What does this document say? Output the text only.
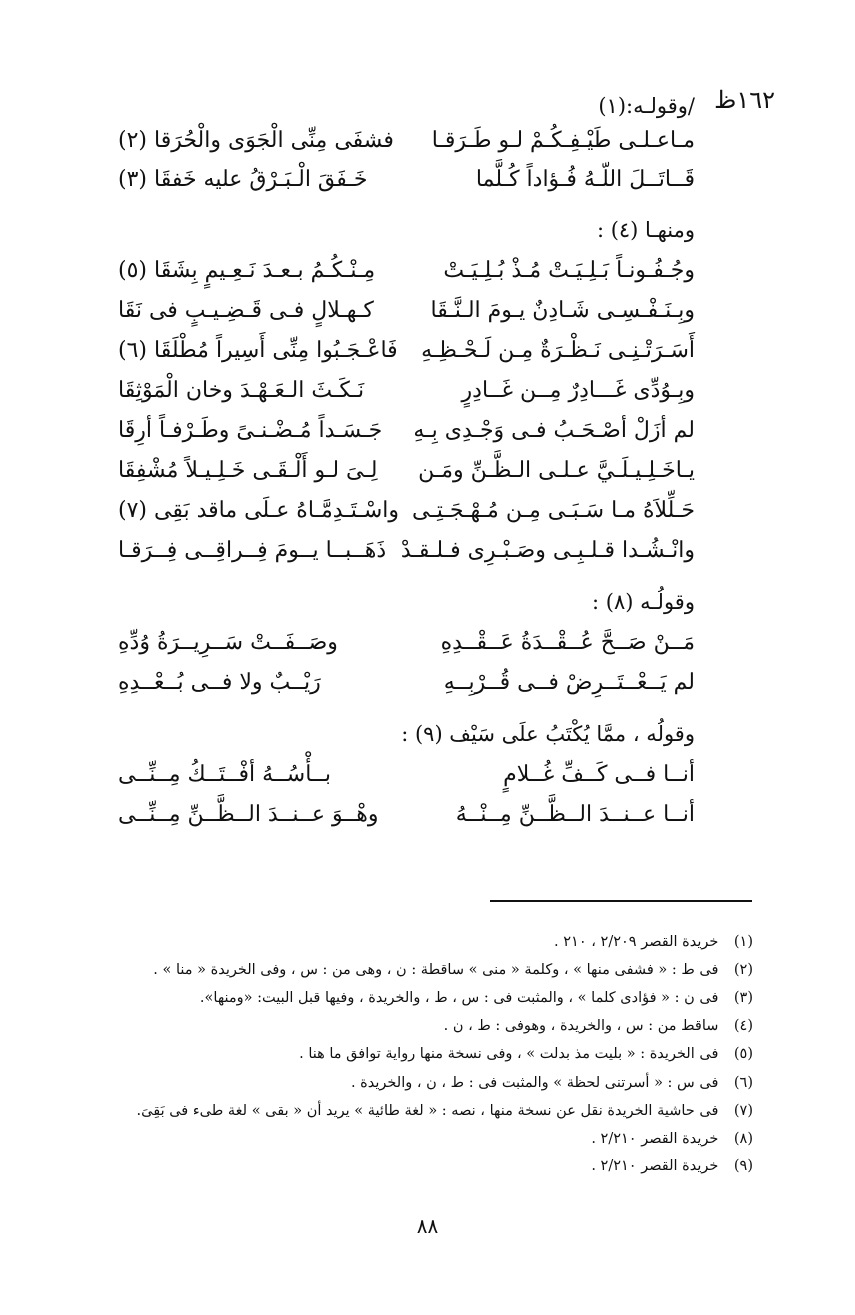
١٦٢ظ
/وقولـه:(١)
مـاعـلـى طَيْـفِـكُـمْ لـو طَـرَقـا
فشفَى مِنِّى الْجَوَى والْحُرَقا (٢)
قَــاتَــلَ اللّـهُ فُـؤاداً كُـلَّما
خَـفَقَ الْـبَـرْقُ عليه خَفقَا (٣)
ومنهـا (٤) :
وجُـفُـونـاً بَـلِـيَـتْ مُـذْ بُـلِـيَـتْ
مِـنْـكُـمُ بـعـدَ نَـعِـيمٍ بِشَقَا (٥)
وبِـنَـفْـسِـى شَـادِنٌ يـومَ الـنَّـقَا
كـهـلالٍ فـى قَـضِـيـبٍ فى نَقَا
أَسَـرَتْـنِـى نَـظْـرَةٌ مِـن لَـحْـظِـهِ
فَاعْـجَـبُوا مِنِّى أَسِيراً مُطْلَقَا (٦)
وبِـوُدِّى غَـــادِرٌ مِــن غَــادِرٍ
نَـكَـثَ الـعَـهْـدَ وخان الْمَوْثِقَا
لم أزَلْ أصْـحَـبُ فـى وَجْـدِى بِـهِ
جَـسَـداً مُـضْـنـىً وطَـرْفـاً أرِقَا
يـاخَـلِـيـلَـيَّ عـلـى الـظَّـنِّ ومَـن
لِـىَ لـو أَلْـقَـى خَـلِـيـلاً مُشْفِقَا
حَـلِّلاَهُ مـا سَـبَـى مِـن مُـهْـجَـتِـى
واسْـتَـدِمَّـاهُ عـلَى ماقد بَقِى (٧)
وانْـشُـدا قـلـبِـى وصَـبْـرِى فـلـقـدْ
ذَهَــبــا يــومَ فِــراقِــى فِــرَقـا
وقولُـه (٨) :
مَــنْ صَــحَّ عُــقْــدَةُ عَــقْــدِهِ
وصَــفَــتْ سَــرِيــرَةُ وُدِّهِ
لم يَــعْــتَــرِضْ فــى قُــرْبِــهِ
رَيْــبٌ ولا فــى بُــعْــدِهِ
وقولُه ، ممَّا يُكْتَبُ علَى سَيْف (٩) :
أنــا فــى كَــفِّ غُــلامٍ
بــأْسُــهُ أفْــتَــكُ مِــنِّــى
أنــا عــنــدَ الــظَّــنِّ مِــنْــهُ
وهْــوَ عــنــدَ الــظَّــنِّ مِــنِّــى
(١) خريدة القصر ٢/٢٠٩ ، ٢١٠ .
(٢) فى ط : « فشفى منها » ، وكلمة « منى » ساقطة : ن ، وهى من : س ، وفى الخريدة « منا » .
(٣) فى ن : « فؤادى كلما » ، والمثبت فى : س ، ط ، والخريدة ، وفيها قبل البيت: «ومنها».
(٤) ساقط من : س ، والخريدة ، وهوفى : ط ، ن .
(٥) فى الخريدة : « بليت مذ بدلت » ، وفى نسخة منها رواية توافق ما هنا .
(٦) فى س : « أسرتنى لحظة » والمثبت فى : ط ، ن ، والخريدة .
(٧) فى حاشية الخريدة نقل عن نسخة منها ، نصه : « لغة طائية » يريد أن « بقى » لغة طىء فى بَقِىَ.
(٨) خريدة القصر ٢/٢١٠ .
(٩) خريدة القصر ٢/٢١٠ .
٨٨
